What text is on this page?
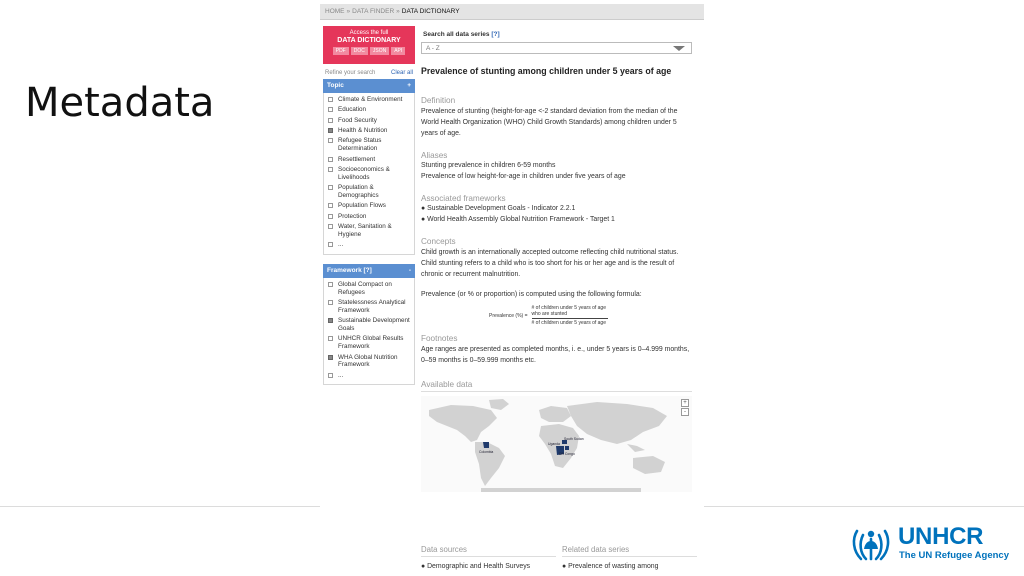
Metadata
HOME » DATA FINDER » DATA DICTIONARY
Access the full
DATA DICTIONARY
PDF	DOC	JSON	API
Refine your search	Clear all
Topic	+
Climate & Environment
Education
Food Security
Health & Nutrition
Refugee Status Determination
Resettlement
Socioeconomics & Livelihoods
Population & Demographics
Population Flows
Protection
Water, Sanitation & Hygiene
...
Framework [?]	-
Global Compact on Refugees
Statelessness Analytical Framework
Sustainable Development Goals
UNHCR Global Results Framework
WHA Global Nutrition Framework
...
Search all data series [?]
A - Z
Prevalence of stunting among children under 5 years of age
Definition
Prevalence of stunting (height-for-age <-2 standard deviation from the median of the World Health Organization (WHO) Child Growth Standards) among children under 5 years of age.
Aliases
Stunting prevalence in children 6-59 months
Prevalence of low height-for-age in children under five years of age
Associated frameworks
● Sustainable Development Goals - Indicator 2.2.1
● World Health Assembly Global Nutrition Framework - Target 1
Concepts
Child growth is an internationally accepted outcome reflecting child nutritional status. Child stunting refers to a child who is too short for his or her age and is the result of chronic or recurrent malnutrition.
Prevalence (or % or proportion) is computed using the following formula:
Prevalence (%) = $\frac{\text{\# of children under 5 years of age who are stunted}}{\text{\# of children under 5 years of age}}$
Footnotes
Age ranges are presented as completed months, i. e., under 5 years is 0–4.999 months, 0–59 months is 0–59.999 months etc.
Available data
Colombia
Uganda
South Sudan
DR Congo
+
-
Data sources
● Demographic and Health Surveys
Related data series
● Prevalence of wasting among
UNHCR
The UN Refugee Agency
